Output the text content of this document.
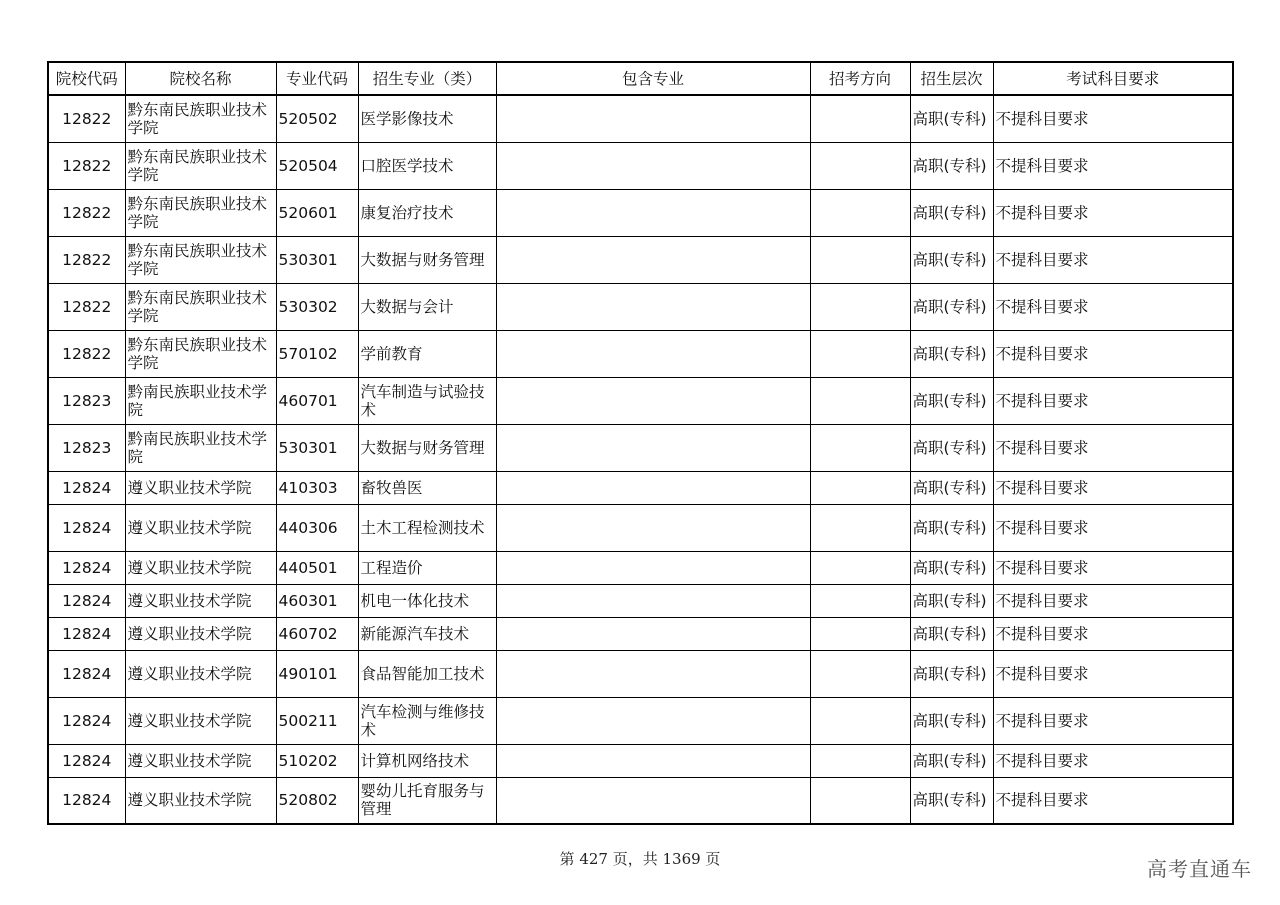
院校代码	院校名称	专业代码	招生专业（类）	包含专业	招考方向	招生层次	考试科目要求
12822	黔东南民族职业技术学院	520502	医学影像技术			高职(专科)	不提科目要求
12822	黔东南民族职业技术学院	520504	口腔医学技术			高职(专科)	不提科目要求
12822	黔东南民族职业技术学院	520601	康复治疗技术			高职(专科)	不提科目要求
12822	黔东南民族职业技术学院	530301	大数据与财务管理			高职(专科)	不提科目要求
12822	黔东南民族职业技术学院	530302	大数据与会计			高职(专科)	不提科目要求
12822	黔东南民族职业技术学院	570102	学前教育			高职(专科)	不提科目要求
12823	黔南民族职业技术学院	460701	汽车制造与试验技术			高职(专科)	不提科目要求
12823	黔南民族职业技术学院	530301	大数据与财务管理			高职(专科)	不提科目要求
12824	遵义职业技术学院	410303	畜牧兽医			高职(专科)	不提科目要求
12824	遵义职业技术学院	440306	土木工程检测技术			高职(专科)	不提科目要求
12824	遵义职业技术学院	440501	工程造价			高职(专科)	不提科目要求
12824	遵义职业技术学院	460301	机电一体化技术			高职(专科)	不提科目要求
12824	遵义职业技术学院	460702	新能源汽车技术			高职(专科)	不提科目要求
12824	遵义职业技术学院	490101	食品智能加工技术			高职(专科)	不提科目要求
12824	遵义职业技术学院	500211	汽车检测与维修技术			高职(专科)	不提科目要求
12824	遵义职业技术学院	510202	计算机网络技术			高职(专科)	不提科目要求
12824	遵义职业技术学院	520802	婴幼儿托育服务与管理			高职(专科)	不提科目要求
第 427 页，共 1369 页	高考直通车
